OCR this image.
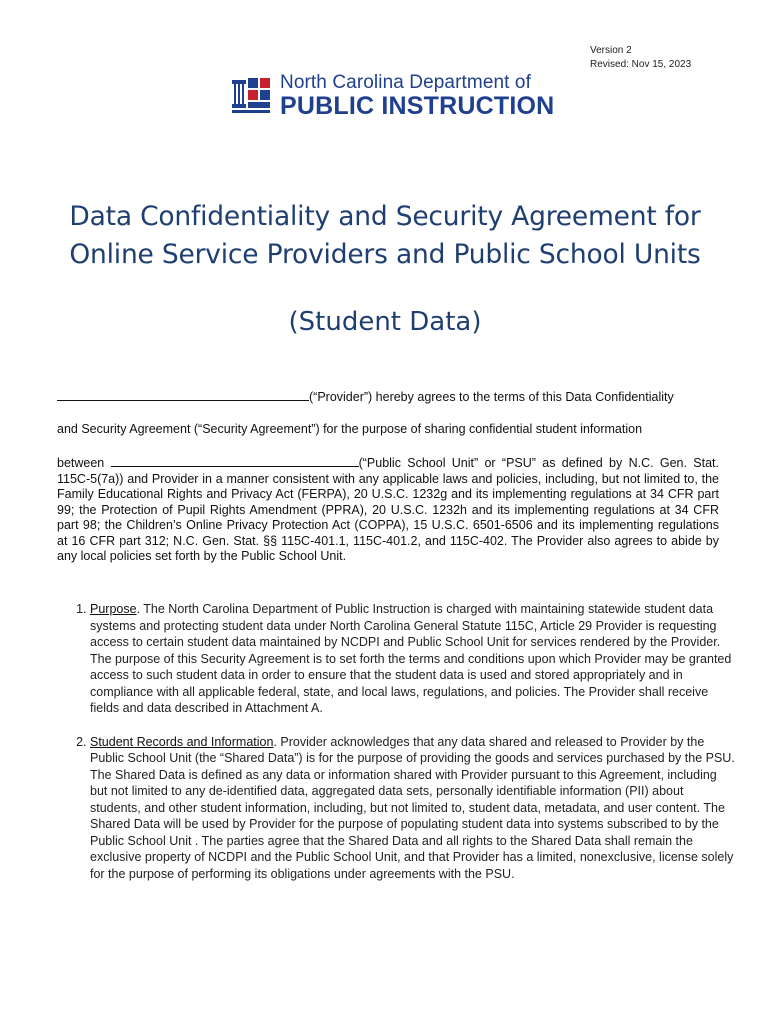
Version 2
Revised: Nov 15, 2023
North Carolina Department of
PUBLIC INSTRUCTION
Data Confidentiality and Security Agreement for Online Service Providers and Public School Units
(Student Data)
(“Provider”) hereby agrees to the terms of this Data Confidentiality
and Security Agreement (“Security Agreement”) for the purpose of sharing confidential student information
between	(“Public School Unit” or “PSU” as defined by N.C. Gen. Stat. 115C-5(7a)) and Provider in a manner consistent with any applicable laws and policies, including, but not limited to, the Family Educational Rights and Privacy Act (FERPA), 20 U.S.C. 1232g and its implementing regulations at 34 CFR part 99; the Protection of Pupil Rights Amendment (PPRA), 20 U.S.C. 1232h and its implementing regulations at 34 CFR part 98; the Children’s Online Privacy Protection Act (COPPA), 15 U.S.C. 6501-6506 and its implementing regulations at 16 CFR part 312; N.C. Gen. Stat. §§ 115C-401.1, 115C-401.2, and 115C-402. The Provider also agrees to abide by any local policies set forth by the Public School Unit.
1. Purpose. The North Carolina Department of Public Instruction is charged with maintaining statewide student data systems and protecting student data under North Carolina General Statute 115C, Article 29 Provider is requesting access to certain student data maintained by NCDPI and Public School Unit for services rendered by the Provider. The purpose of this Security Agreement is to set forth the terms and conditions upon which Provider may be granted access to such student data in order to ensure that the student data is used and stored appropriately and in compliance with all applicable federal, state, and local laws, regulations, and policies. The Provider shall receive fields and data described in Attachment A.
2. Student Records and Information. Provider acknowledges that any data shared and released to Provider by the Public School Unit (the “Shared Data”) is for the purpose of providing the goods and services purchased by the PSU. The Shared Data is defined as any data or information shared with Provider pursuant to this Agreement, including but not limited to any de-identified data, aggregated data sets, personally identifiable information (PII) about students, and other student information, including, but not limited to, student data, metadata, and user content. The Shared Data will be used by Provider for the purpose of populating student data into systems subscribed to by the Public School Unit . The parties agree that the Shared Data and all rights to the Shared Data shall remain the exclusive property of NCDPI and the Public School Unit, and that Provider has a limited, nonexclusive, license solely for the purpose of performing its obligations under agreements with the PSU.
